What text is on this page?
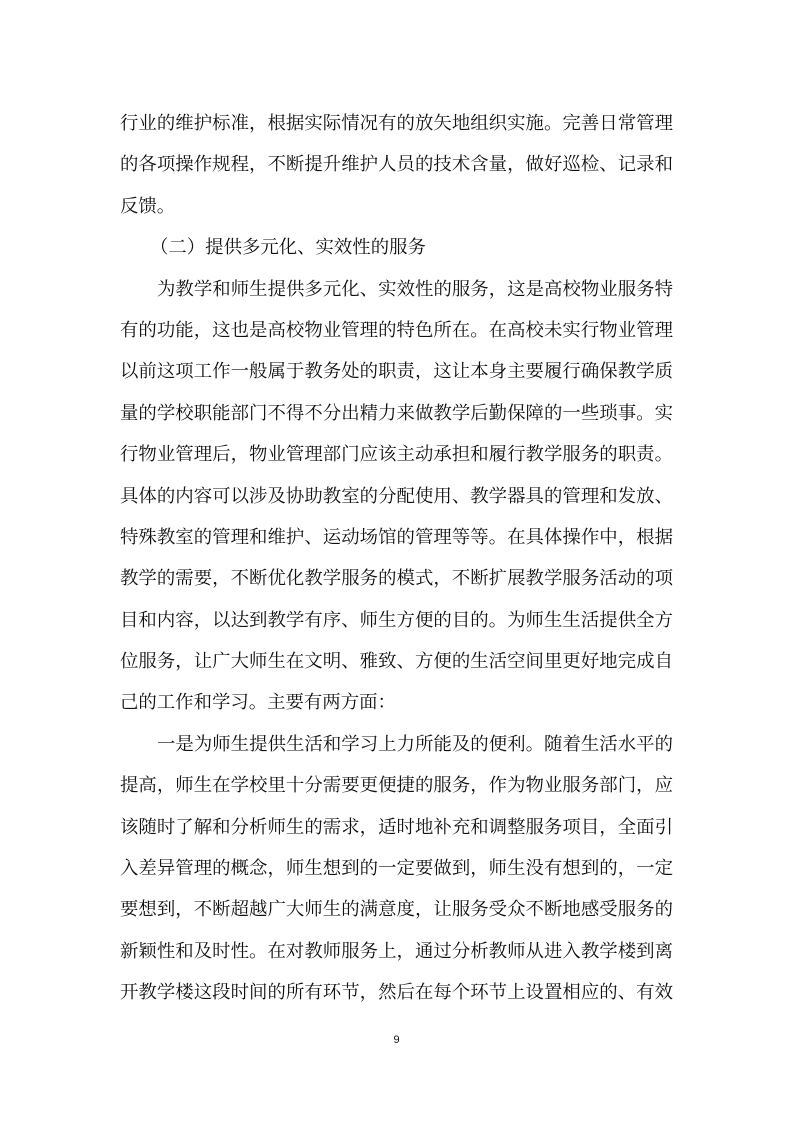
行业的维护标准，根据实际情况有的放矢地组织实施。完善日常管理
的各项操作规程，不断提升维护人员的技术含量，做好巡检、记录和
反馈。
（二）提供多元化、实效性的服务
为教学和师生提供多元化、实效性的服务，这是高校物业服务特
有的功能，这也是高校物业管理的特色所在。在高校未实行物业管理
以前这项工作一般属于教务处的职责，这让本身主要履行确保教学质
量的学校职能部门不得不分出精力来做教学后勤保障的一些琐事。实
行物业管理后，物业管理部门应该主动承担和履行教学服务的职责。
具体的内容可以涉及协助教室的分配使用、教学器具的管理和发放、
特殊教室的管理和维护、运动场馆的管理等等。在具体操作中，根据
教学的需要，不断优化教学服务的模式，不断扩展教学服务活动的项
目和内容，以达到教学有序、师生方便的目的。为师生生活提供全方
位服务，让广大师生在文明、雅致、方便的生活空间里更好地完成自
己的工作和学习。主要有两方面：
一是为师生提供生活和学习上力所能及的便利。随着生活水平的
提高，师生在学校里十分需要更便捷的服务，作为物业服务部门，应
该随时了解和分析师生的需求，适时地补充和调整服务项目，全面引
入差异管理的概念，师生想到的一定要做到，师生没有想到的，一定
要想到，不断超越广大师生的满意度，让服务受众不断地感受服务的
新颖性和及时性。在对教师服务上，通过分析教师从进入教学楼到离
开教学楼这段时间的所有环节，然后在每个环节上设置相应的、有效
9
